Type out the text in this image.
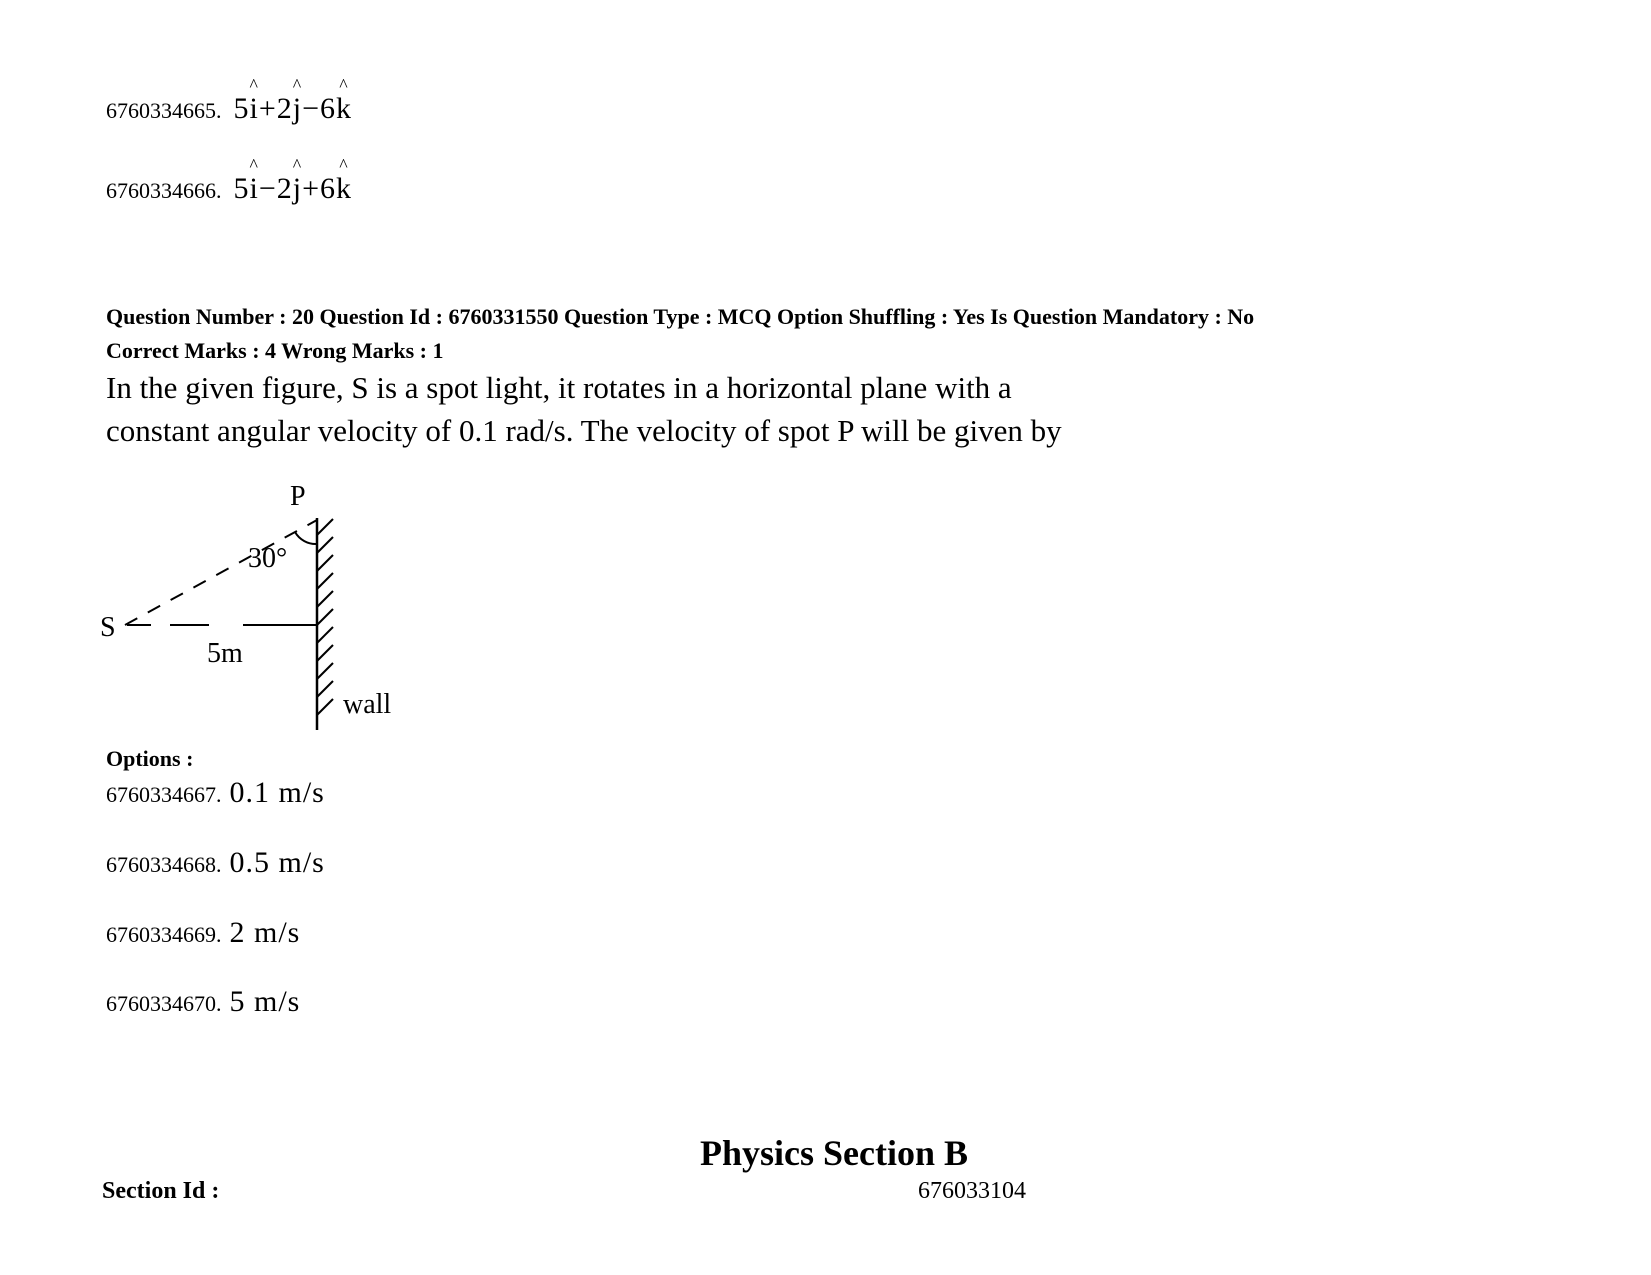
6760334665. 5^ i+2^ j−6^ k
6760334666. 5^ i−2^ j+6^ k
Question Number : 20 Question Id : 6760331550 Question Type : MCQ Option Shuffling : Yes Is Question Mandatory : No
Correct Marks : 4 Wrong Marks : 1
In the given figure, S is a spot light, it rotates in a horizontal plane with a
constant angular velocity of 0.1 rad/s. The velocity of spot P will be given by
P
30°
S
5m
wall
Options :
6760334667. 0.1 m/s
6760334668. 0.5 m/s
6760334669. 2 m/s
6760334670. 5 m/s
Physics Section B
Section Id :	676033104
